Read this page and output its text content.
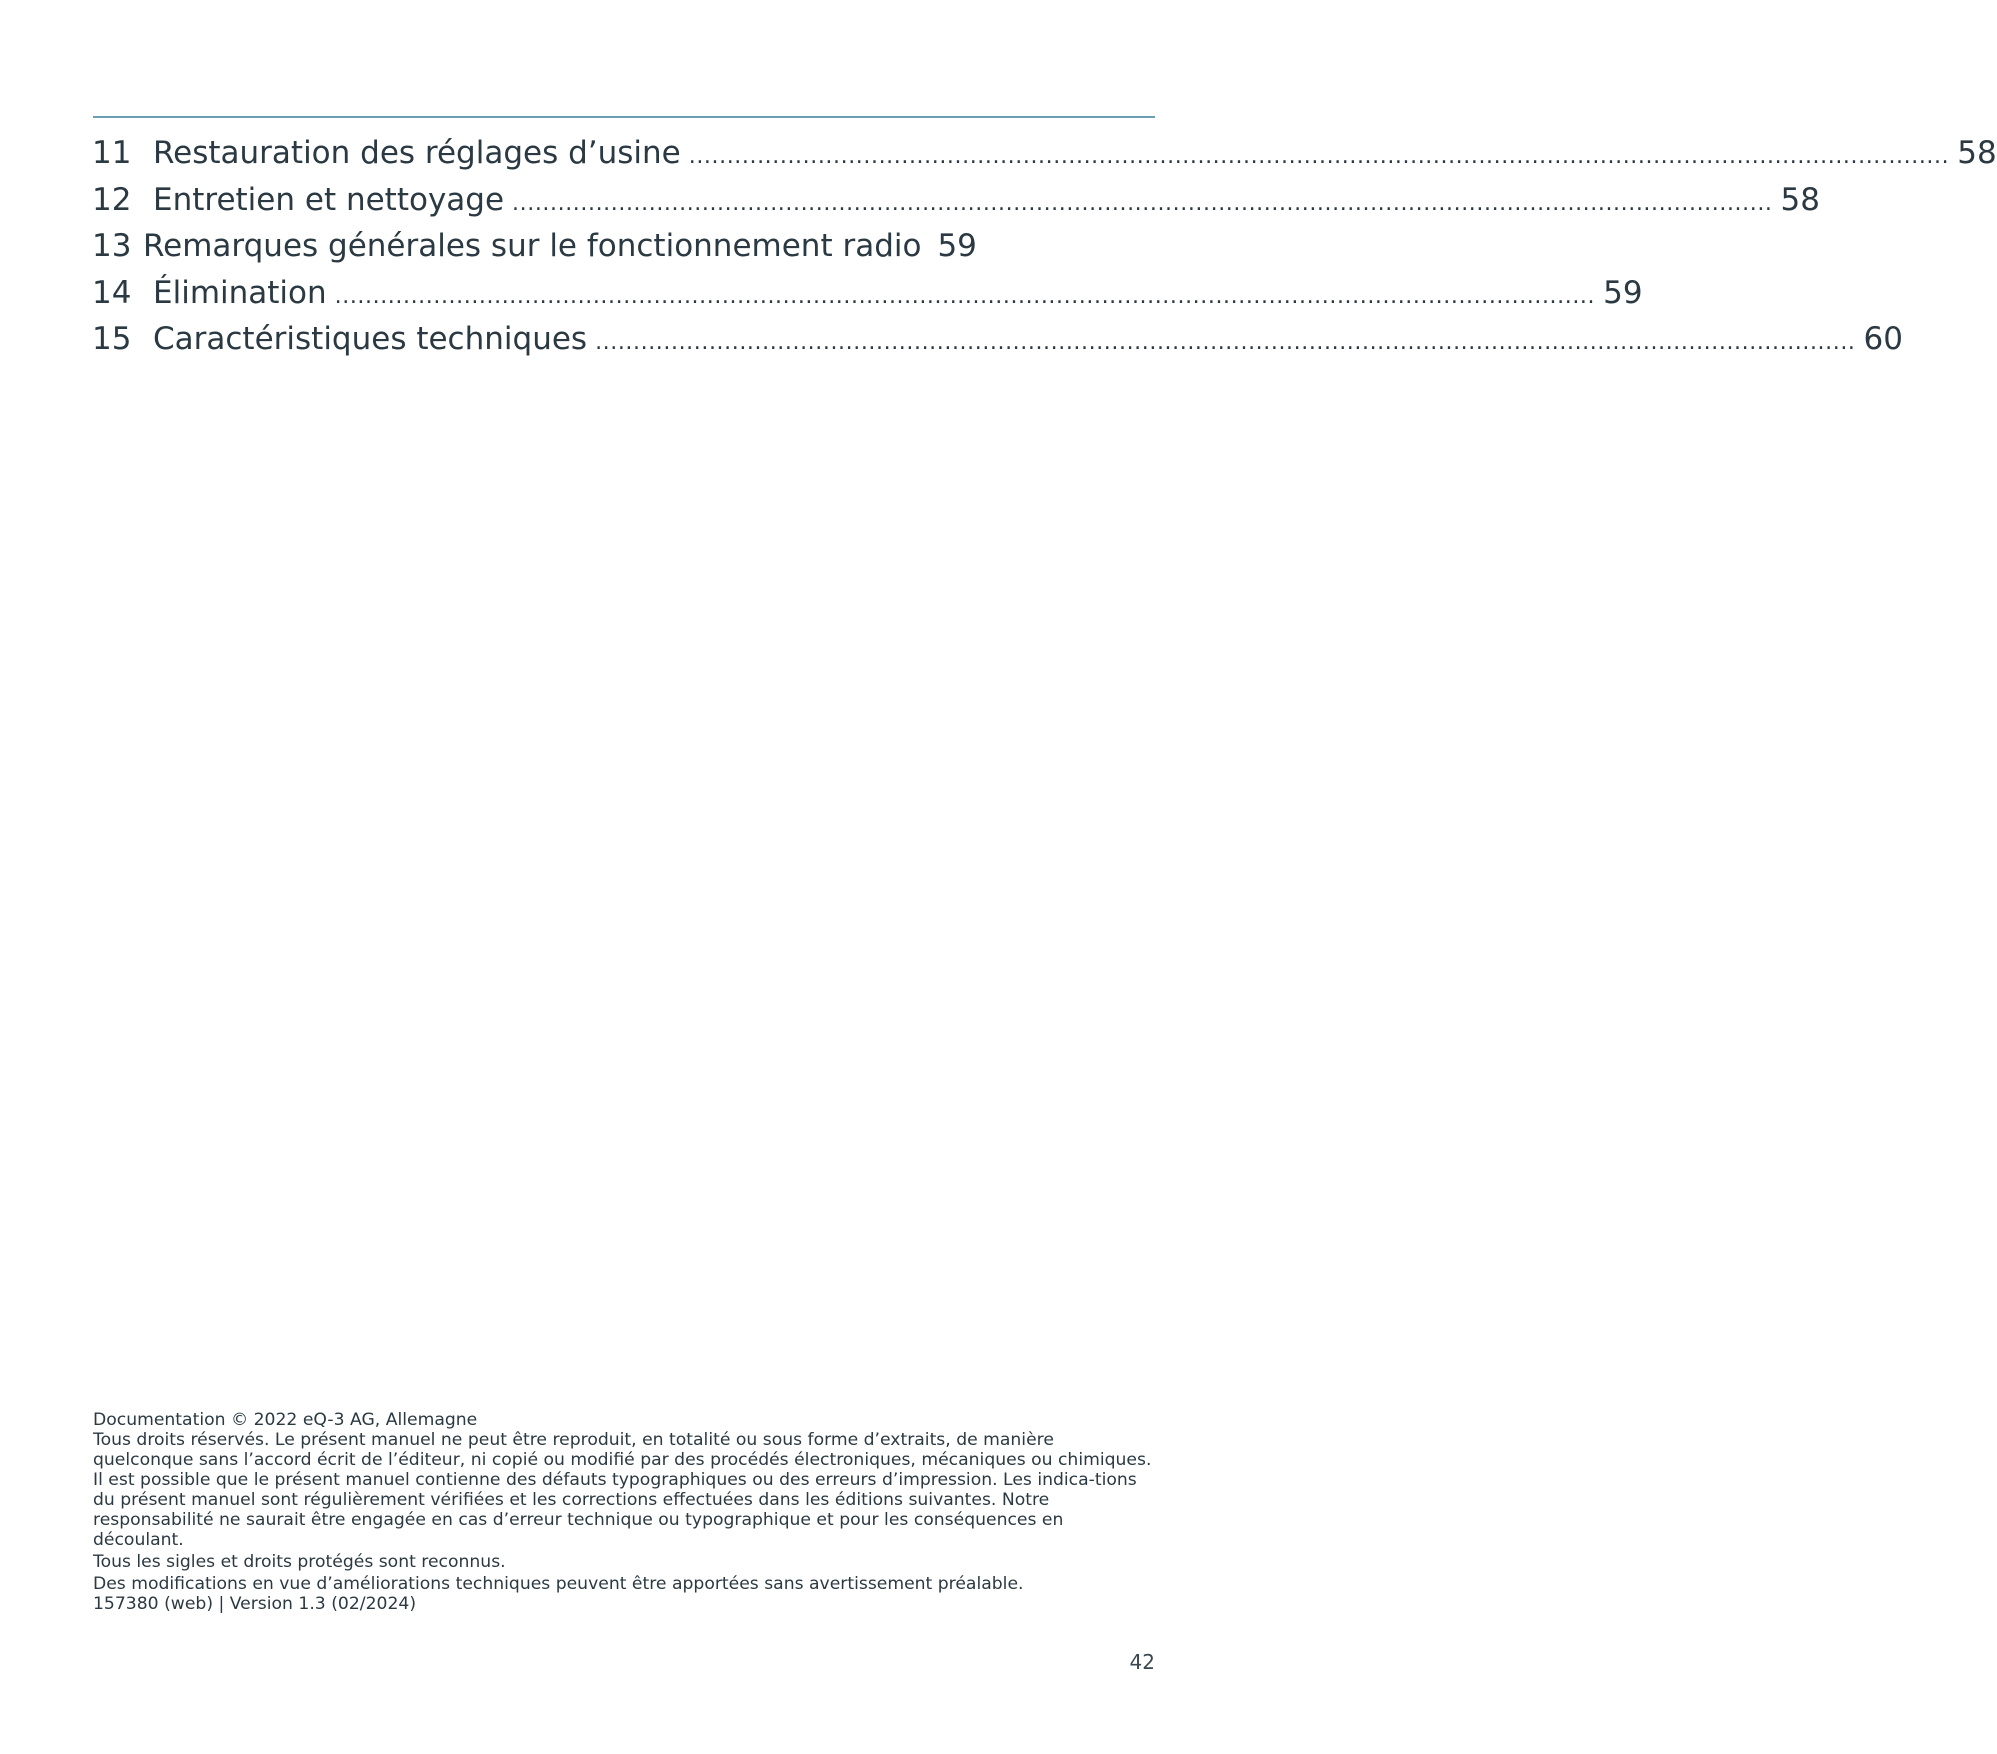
11 Restauration des réglages d’usine ...................................................................................................................................................................... 58
12 Entretien et nettoyage ...................................................................................................................................................................... 58
13 Remarques générales sur le fonctionnement radio 59
14 Élimination ...................................................................................................................................................................... 59
15 Caractéristiques techniques ...................................................................................................................................................................... 60

Documentation © 2022 eQ-3 AG, Allemagne

Tous droits réservés. Le présent manuel ne peut être reproduit, en totalité ou sous forme d’extraits, de manière quelconque sans l’accord écrit de l’éditeur, ni copié ou modifié par des procédés électroniques, mécaniques ou chimiques.

Il est possible que le présent manuel contienne des défauts typographiques ou des erreurs d’impression. Les indica-tions du présent manuel sont régulièrement vérifiées et les corrections effectuées dans les éditions suivantes. Notre responsabilité ne saurait être engagée en cas d’erreur technique ou typographique et pour les conséquences en découlant.

Tous les sigles et droits protégés sont reconnus.

Des modifications en vue d’améliorations techniques peuvent être apportées sans avertissement préalable.

157380 (web) | Version 1.3 (02/2024)

42
